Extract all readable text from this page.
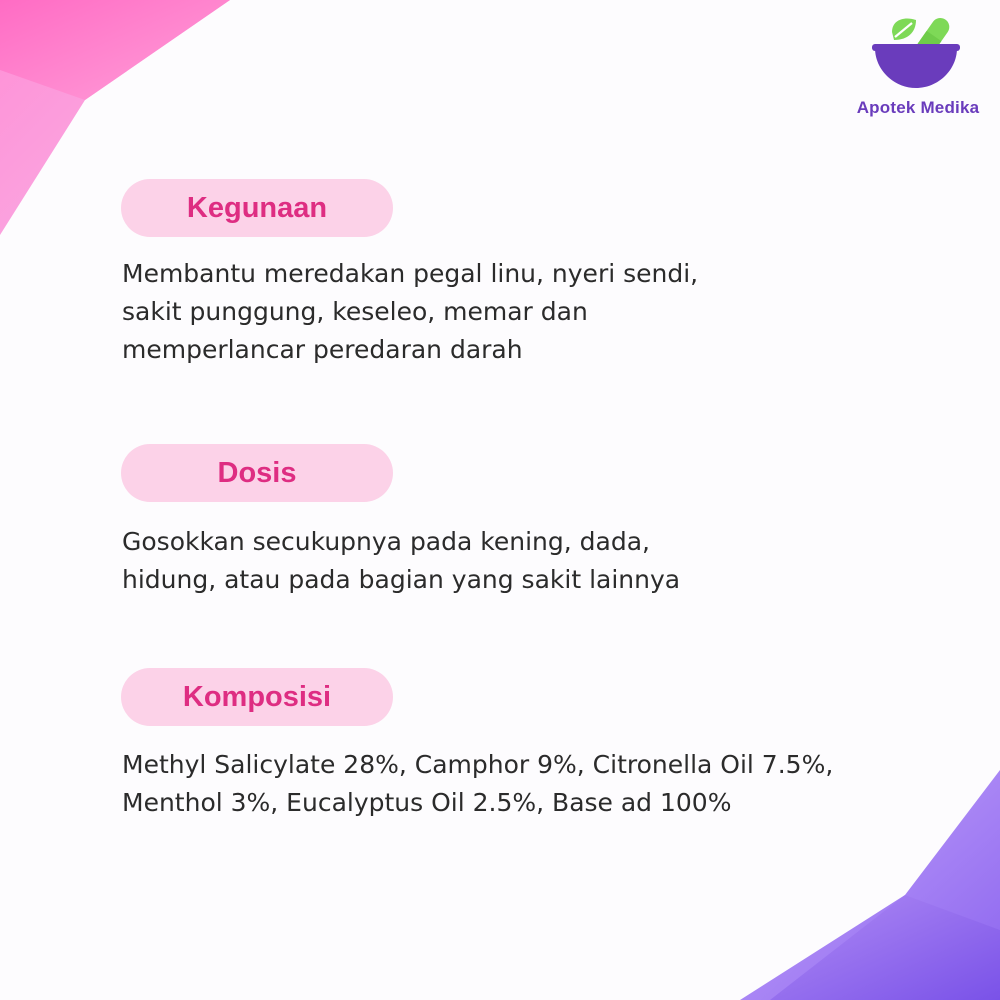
Apotek Medika
Kegunaan
Membantu meredakan pegal linu, nyeri sendi,
sakit punggung, keseleo, memar dan
memperlancar peredaran darah
Dosis
Gosokkan secukupnya pada kening, dada,
hidung, atau pada bagian yang sakit lainnya
Komposisi
Methyl Salicylate 28%, Camphor 9%, Citronella Oil 7.5%,
Menthol 3%, Eucalyptus Oil 2.5%, Base ad 100%
